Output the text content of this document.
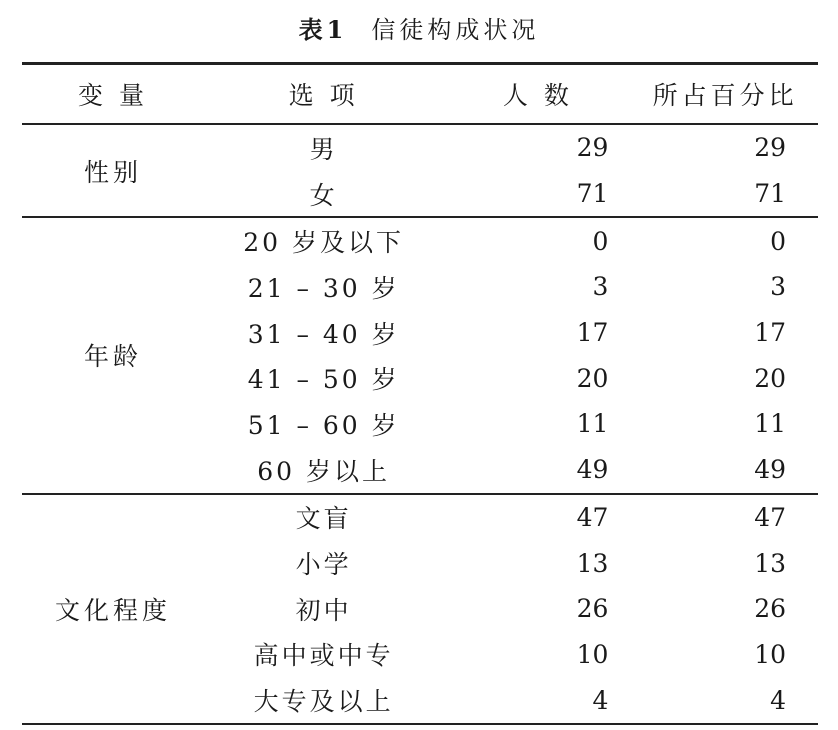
表1 信徒构成状况
变 量	选 项	人 数	所占百分比
性别	男	29	29
	女	71	71
年龄	20 岁及以下	0	0
	21 – 30 岁	3	3
	31 – 40 岁	17	17
	41 – 50 岁	20	20
	51 – 60 岁	11	11
	60 岁以上	49	49
文化程度	文盲	47	47
	小学	13	13
	初中	26	26
	高中或中专	10	10
	大专及以上	4	4
